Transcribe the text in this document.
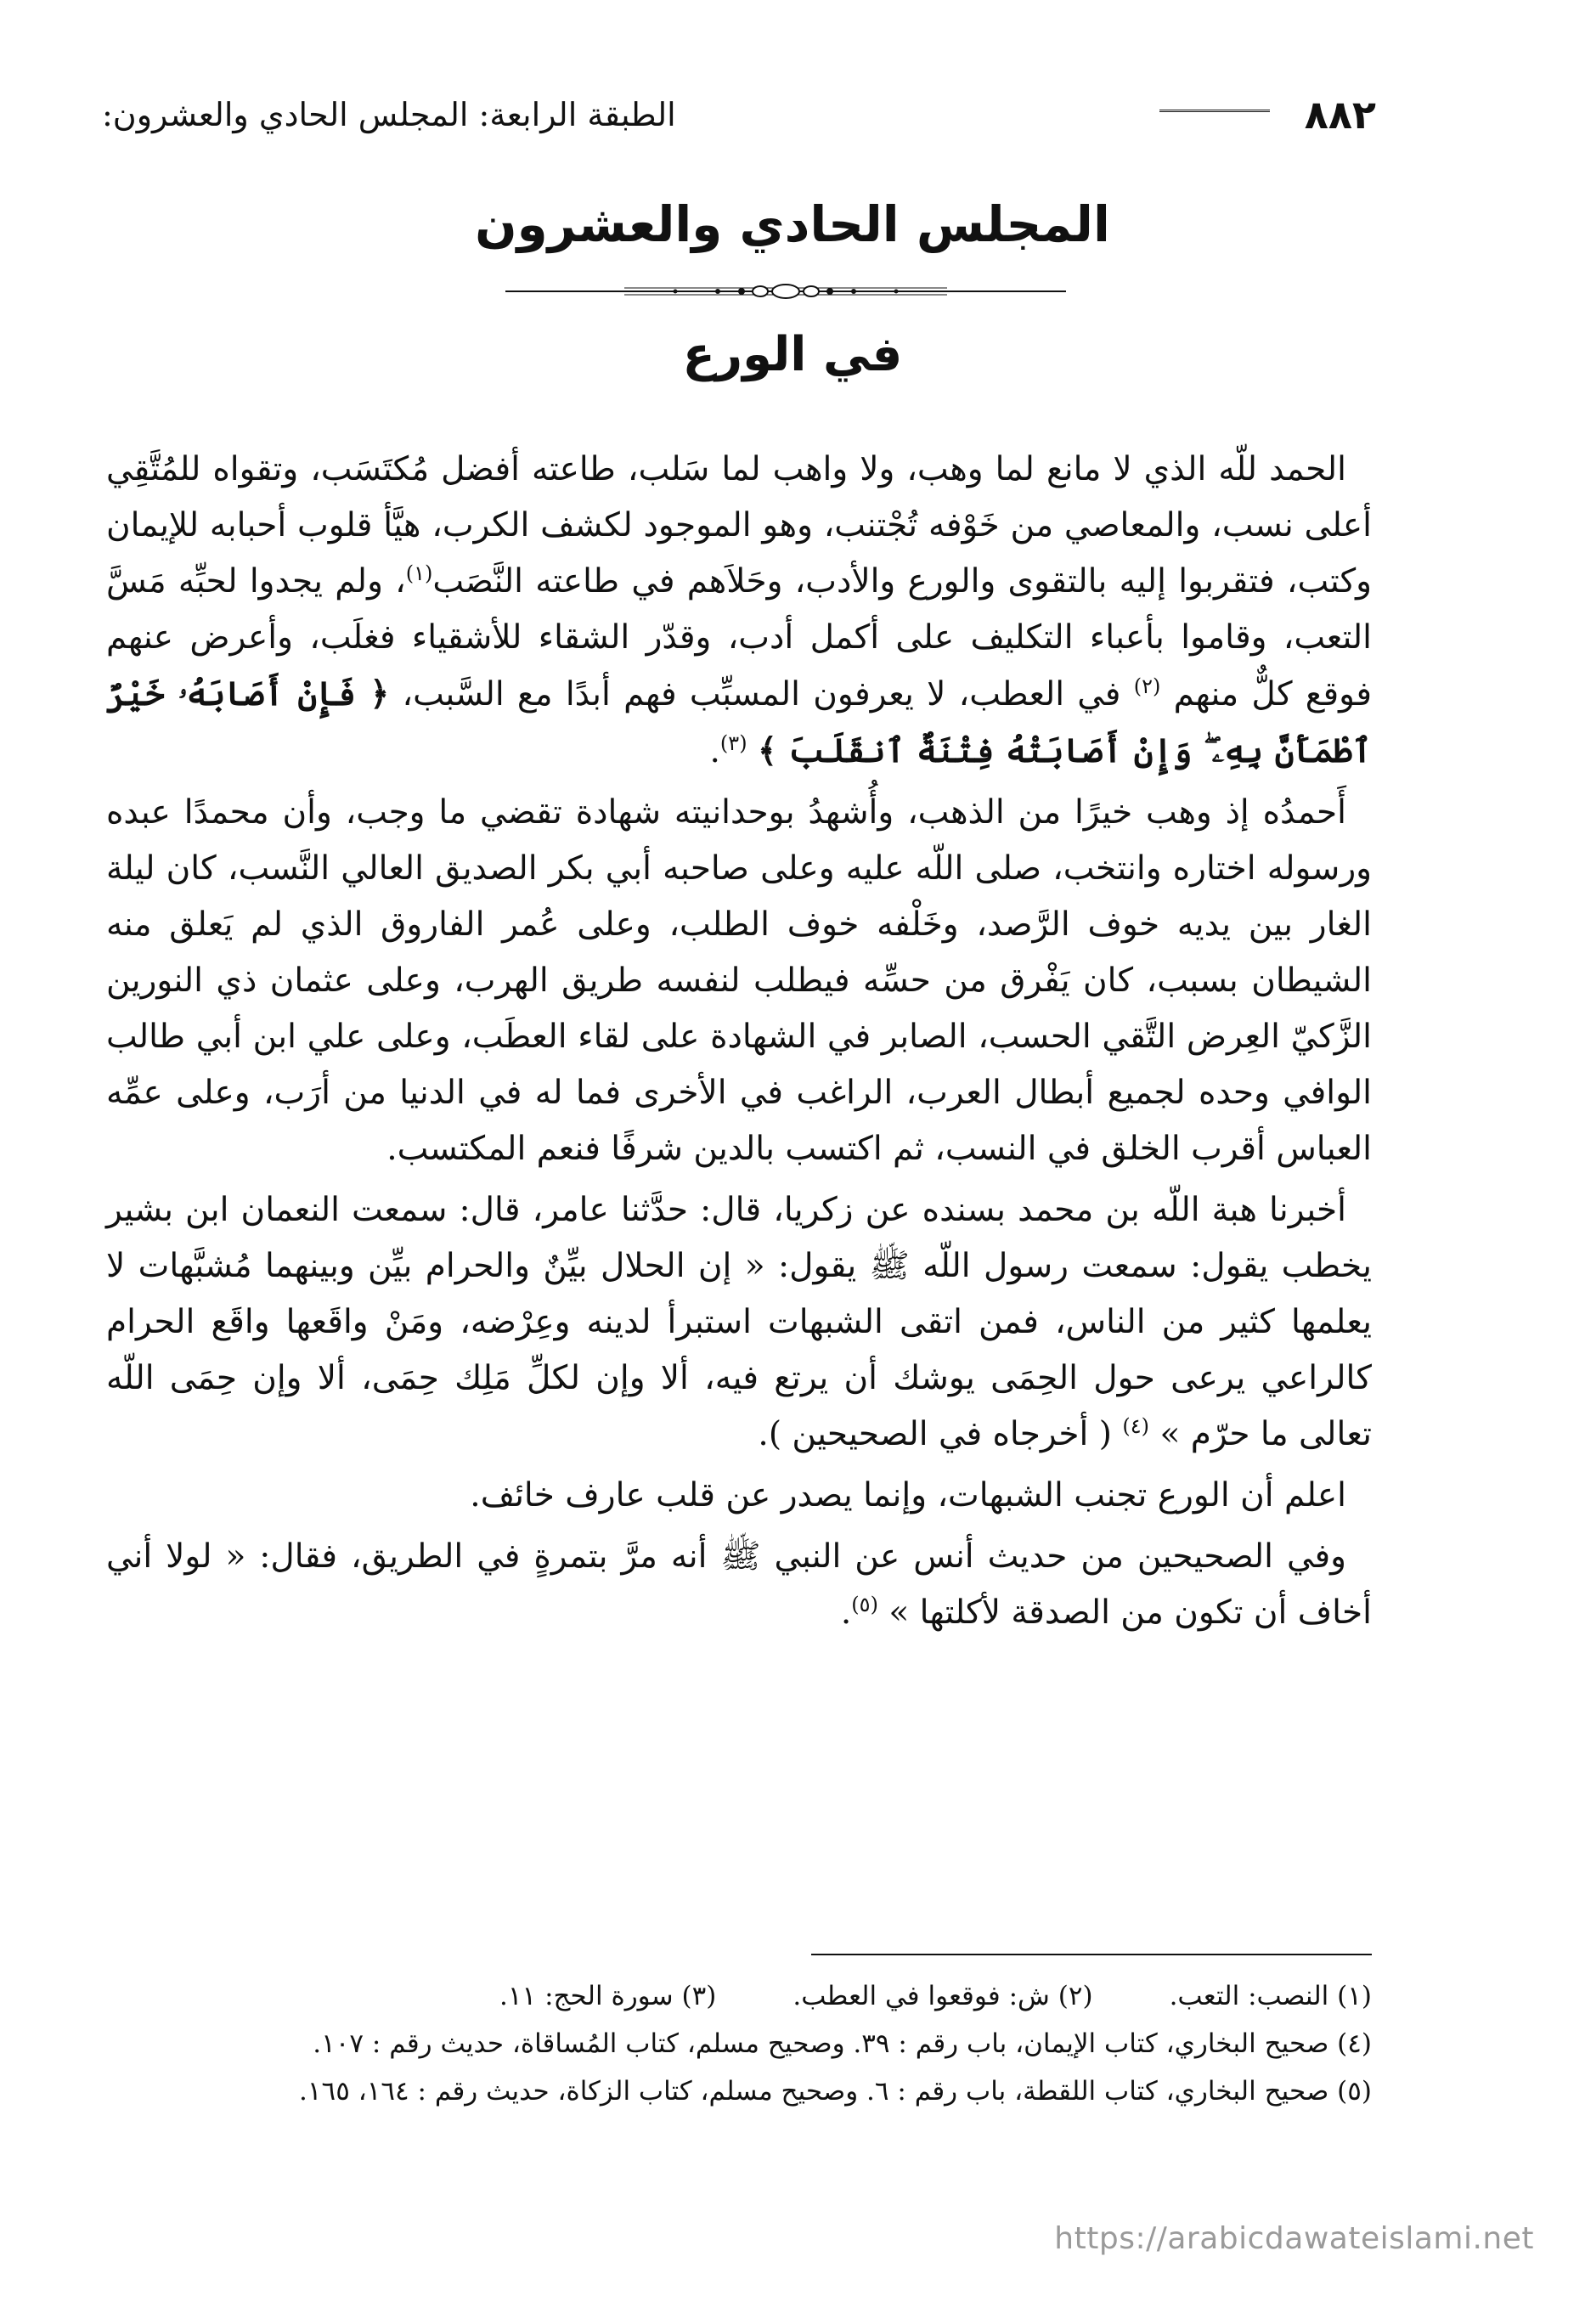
٨٨٢
الطبقة الرابعة: المجلس الحادي والعشرون:
المجلس الحادي والعشرون
في الورع

الحمد للّه الذي لا مانع لما وهب، ولا واهب لما سَلب، طاعته أفضل مُكتَسَب، وتقواه للمُتَّقِي أعلى نسب، والمعاصي من خَوْفه تُجْتنب، وهو الموجود لكشف الكرب، هيَّأ قلوب أحبابه للإيمان وكتب، فتقربوا إليه بالتقوى والورع والأدب، وحَلاَهم في طاعته النَّصَب$^{(١)}$، ولم يجدوا لحبِّه مَسَّ التعب، وقاموا بأعباء التكليف على أكمل أدب، وقدّر الشقاء للأشقياء فغلَب، وأعرض عنهم فوقع كلٌّ منهم $^{(٢)}$ في العطب، لا يعرفون المسبِّب فهم أبدًا مع السَّبب، ﴿ فَإِنْ أَصَابَهُۥ خَيْرٌ ٱطْمَأَنَّ بِهِۦ ۖ وَإِنْ أَصَابَتْهُ فِتْنَةٌ ٱنقَلَبَ ﴾ $^{(٣)}$.

أَحمدُه إذ وهب خيرًا من الذهب، وأُشهدُ بوحدانيته شهادة تقضي ما وجب، وأن محمدًا عبده ورسوله اختاره وانتخب، صلى اللّه عليه وعلى صاحبه أبي بكر الصديق العالي النَّسب، كان ليلة الغار بين يديه خوف الرَّصد، وخَلْفه خوف الطلب، وعلى عُمر الفاروق الذي لم يَعلق منه الشيطان بسبب، كان يَفْرق من حسِّه فيطلب لنفسه طريق الهرب، وعلى عثمان ذي النورين الزَّكيّ العِرض التَّقي الحسب، الصابر في الشهادة على لقاء العطَب، وعلى علي ابن أبي طالب الوافي وحده لجميع أبطال العرب، الراغب في الأخرى فما له في الدنيا من أرَب، وعلى عمِّه العباس أقرب الخلق في النسب، ثم اكتسب بالدين شرفًا فنعم المكتسب.

أخبرنا هبة اللّه بن محمد بسنده عن زكريا، قال: حدَّثنا عامر، قال: سمعت النعمان ابن بشير يخطب يقول: سمعت رسول اللّه ﷺ يقول: « إن الحلال بيِّنٌ والحرام بيِّن وبينهما مُشبَّهات لا يعلمها كثير من الناس، فمن اتقى الشبهات استبرأ لدينه وعِرْضه، ومَنْ واقَعها واقَع الحرام كالراعي يرعى حول الحِمَى يوشك أن يرتع فيه، ألا وإن لكلِّ مَلِك حِمَى، ألا وإن حِمَى اللّه تعالى ما حرّم » $^{(٤)}$ ( أخرجاه في الصحيحين ).

اعلم أن الورع تجنب الشبهات، وإنما يصدر عن قلب عارف خائف.

وفي الصحيحين من حديث أنس عن النبي ﷺ أنه مرَّ بتمرةٍ في الطريق، فقال: « لولا أني أخاف أن تكون من الصدقة لأكلتها » $^{(٥)}$.

(١) النصب: التعب.
(٢) ش: فوقعوا في العطب.
(٣) سورة الحج: ١١.
(٤) صحيح البخاري، كتاب الإيمان، باب رقم : ٣٩. وصحيح مسلم، كتاب المُساقاة، حديث رقم : ١٠٧.
(٥) صحيح البخاري، كتاب اللقطة، باب رقم : ٦. وصحيح مسلم، كتاب الزكاة، حديث رقم : ١٦٤، ١٦٥.
https://arabicdawateislami.net
